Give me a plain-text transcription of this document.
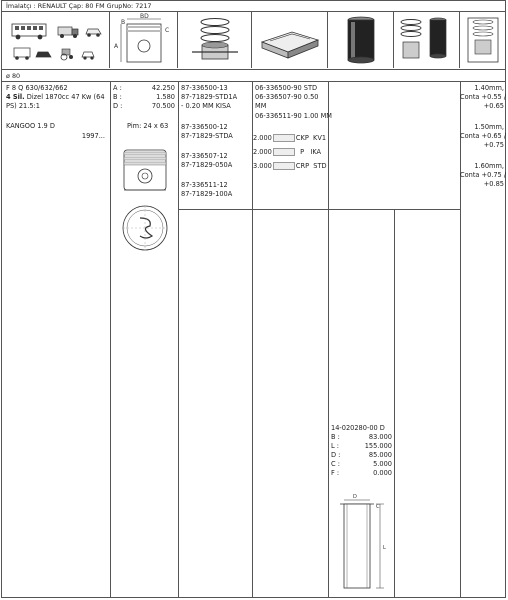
İmalatçı : RENAULT Çap: 80 FM GrupNo: 7217
B
BD
A
C
ø 80
F 8 Q 630/632/662
4 Sil. Dizel 1870cc 47 Kw (64
PS) 21.5:1
KANGOO 1.9 D
1997...
A :	42.250
B :	1.580
D :	70.500
Pim: 24 x 63
87-336500-13
87-71829-STD1A
- 0.20 MM KISA
87-336500-12
87-71829-STDA
87-336507-12
87-71829-050A
87-336511-12
87-71829-100A
06-336500-90 STD
06-336507-90 0.50
MM
06-336511-90 1.00 MM
2.000	CKP KV1
2.000	P IKA
3.000	CRP STD
1.40mm,
Conta +0.55 /
+0.65
1.50mm,
Conta +0.65 /
+0.75
1.60mm,
Conta +0.75 /
+0.85
14-020280-00 D
B :	83.000
L :	155.000
D :	85.000
C :	5.000
F :	0.000
L
D
C
